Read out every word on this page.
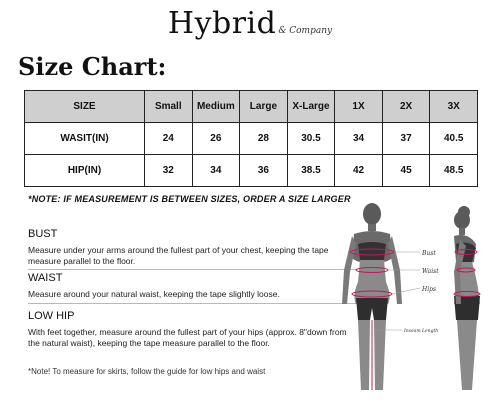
Hybrid & Company
Size Chart:
SIZE	Small	Medium	Large	X-Large	1X	2X	3X
WASIT(IN)	24	26	28	30.5	34	37	40.5
HIP(IN)	32	34	36	38.5	42	45	48.5
*NOTE: IF MEASUREMENT IS BETWEEN SIZES, ORDER A SIZE LARGER
BUST
Measure under your arms around the fullest part of your chest, keeping the tape measure parallel to the floor.
WAIST
Measure around your natural waist, keeping the tape slightly loose.
LOW HIP
With feet together, measure around the fullest part of your hips (approx. 8"down from the natural waist), keeping the tape measure parallel to the floor.
*Note! To measure for skirts, follow the guide for low hips and waist
Bust
Waist
Hips
Inseam Length
